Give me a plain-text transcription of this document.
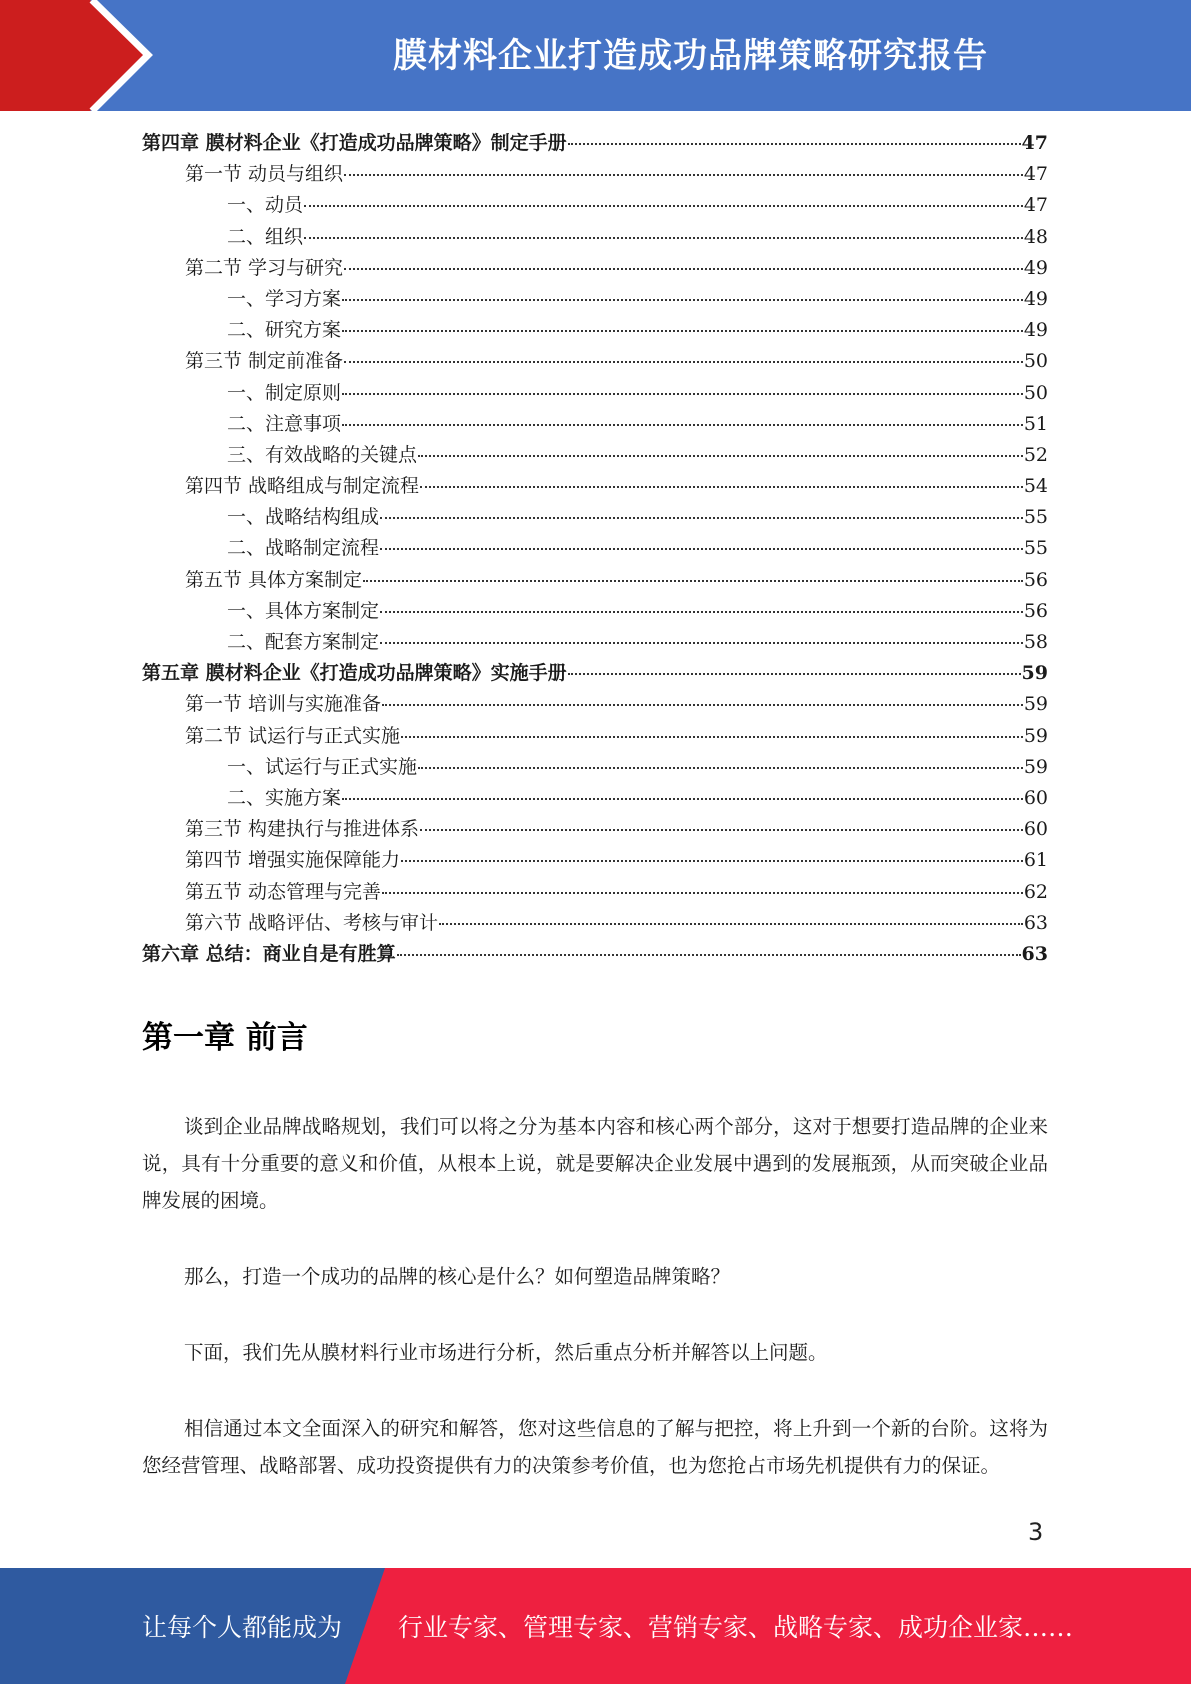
膜材料企业打造成功品牌策略研究报告
第四章 膜材料企业《打造成功品牌策略》制定手册	47
第一节 动员与组织	47
一、动员	47
二、组织	48
第二节 学习与研究	49
一、学习方案	49
二、研究方案	49
第三节 制定前准备	50
一、制定原则	50
二、注意事项	51
三、有效战略的关键点	52
第四节 战略组成与制定流程	54
一、战略结构组成	55
二、战略制定流程	55
第五节 具体方案制定	56
一、具体方案制定	56
二、配套方案制定	58
第五章 膜材料企业《打造成功品牌策略》实施手册	59
第一节 培训与实施准备	59
第二节 试运行与正式实施	59
一、试运行与正式实施	59
二、实施方案	60
第三节 构建执行与推进体系	60
第四节 增强实施保障能力	61
第五节 动态管理与完善	62
第六节 战略评估、考核与审计	63
第六章 总结：商业自是有胜算	63
第一章 前言

谈到企业品牌战略规划，我们可以将之分为基本内容和核心两个部分，这对于想要打造品牌的企业来说，具有十分重要的意义和价值，从根本上说，就是要解决企业发展中遇到的发展瓶颈，从而突破企业品牌发展的困境。

那么，打造一个成功的品牌的核心是什么？如何塑造品牌策略？

下面，我们先从膜材料行业市场进行分析，然后重点分析并解答以上问题。

相信通过本文全面深入的研究和解答，您对这些信息的了解与把控，将上升到一个新的台阶。这将为您经营管理、战略部署、成功投资提供有力的决策参考价值，也为您抢占市场先机提供有力的保证。

3
让每个人都能成为 行业专家、管理专家、营销专家、战略专家、成功企业家……
